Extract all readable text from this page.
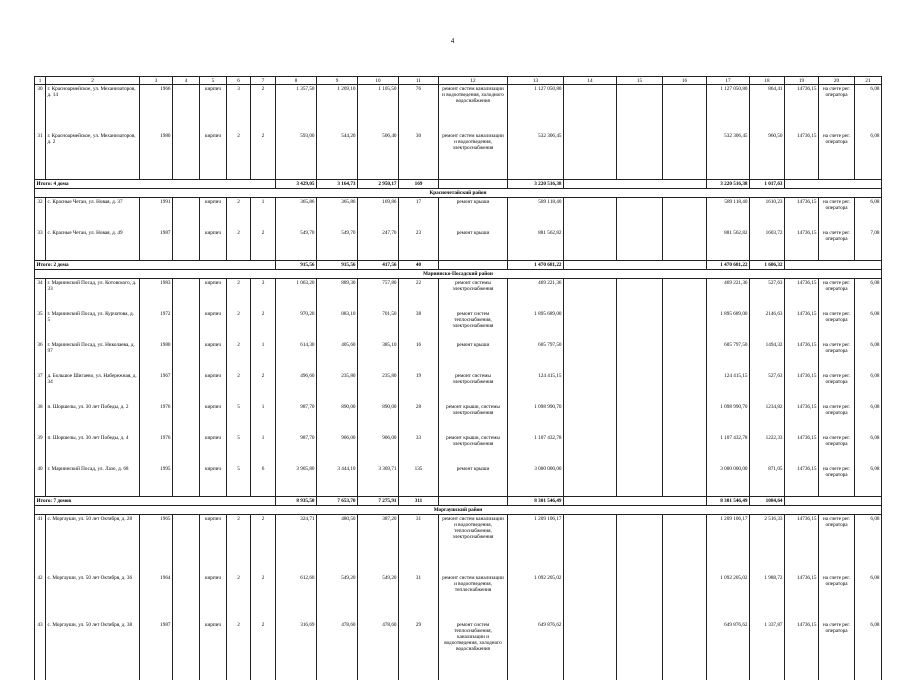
4
1	2	3	4	5	6	7	8	9	10	11	12	13	14	15	16	17	18	19	20	21
30	г. Красноармейское, ул. Механизаторов, д. 14	1966		кирпич	3	2	1 357,50	1 269,10	1 105,50	76	ремонт систем канализации и водоотведения, холодного водоснабжения	1 127 050,80				1 127 050,80	864,41	14736,15	на счете рег. оператора	6,08
31	г. Красноармейское, ул. Механизаторов, д. 2	1980		кирпич	2	2	593,00	544,20	506,40	30	ремонт систем канализации и водоотведения, электроснабжения	532 306,45				532 306,45	960,50	14736,15	на счете рег. оператора	6,08
Итого: 4 дома							3 429,05	3 164,73	2 950,17	169		3 220 516,38				3 220 516,38	1 017,63			
Красночетайский район																				
32	с. Красные Четаи, ул. Новая, д. 37	1991		кирпич	2	1	365,86	365,86	169,86	17	ремонт крыши	589 118,40				589 118,40	1610,23	14736,15	на счете рег. оператора	6,08
33	с. Красные Четаи, ул. Новая, д. 49	1987		кирпич	2	2	549,70	549,70	247,70	23	ремонт крыши	881 562,82				881 562,82	1603,72	14736,15	на счете рег. оператора	7,08
Итого: 2 дома							915,56	915,56	417,56	40		1 470 681,22				1 470 681,22	1 606,32			
Мариинско-Посадский район																				
34	г. Мариинский Посад, ул. Котовского, д. 33	1983		кирпич	2	3	1 063,20	889,30	757,80	22	ремонт системы электроснабжения	469 221,36				469 221,36	527,63	14736,15	на счете рег. оператора	6,08
35	г. Мариинский Посад, ул. Курчатова, д. 5	1972		кирпич	2	2	970,20	883,10	701,50	38	ремонт систем теплоснабжения, электроснабжения	1 895 689,00				1 895 689,00	2146,63	14736,15	на счете рег. оператора	6,08
36	г. Мариинский Посад, ул. Николаева, д. 97	1980		кирпич	2	1	614,30	405,60	385,10	16	ремонт крыши	605 797,50				605 797,50	1494,32	14736,15	на счете рег. оператора	6,08
37	д. Большое Шигаево, ул. Набережная, д. 34	1967		кирпич	2	2	496,60	235,80	235,80	19	ремонт системы электроснабжения	124 415,15				124 415,15	527,63	14736,15	на счете рег. оператора	6,08
38	п. Шоршелы, ул. 30 лет Победы, д. 2	1976		кирпич	5	1	987,70	890,00	890,00	28	ремонт крыши, системы электроснабжения	1 098 990,70				1 098 990,70	1234,82	14736,15	на счете рег. оператора	6,08
39	п. Шоршелы, ул. 30 лет Победы, д. 4	1976		кирпич	5	1	987,70	906,00	906,00	33	ремонт крыши, системы электроснабжения	1 107 432,78				1 107 432,78	1222,33	14736,15	на счете рег. оператора	6,08
40	г. Мариинский Посад, ул. Лазо, д. 68	1995		кирпич	5	6	3 905,80	3 444,10	3 369,71	135	ремонт крыши	3 000 000,00				3 000 000,00	871,05	14736,15	на счете рег. оператора	6,08
Итого: 7 домов							8 935,50	7 653,70	7 275,91	311		8 301 546,49				8 301 546,49	1084,64			
Моргаушский район																				
41	с. Моргауши, ул. 50 лет Октября, д. 28	1965		кирпич	2	2	324,71	480,50	387,20	31	ремонт систем канализации и водоотведения, теплоснабжения, электроснабжения	1 209 106,17				1 209 106,17	2 516,33	14736,15	на счете рег. оператора	6,08
42	с. Моргауши, ул. 50 лет Октября, д. 36	1964		кирпич	2	2	612,60	549,20	549,20	31	ремонт систем канализации и водоотведения, теплоснабжения	1 092 205,02				1 092 205,02	1 988,72	14736,15	на счете рег. оператора	6,08
43	с. Моргауши, ул. 50 лет Октября, д. 38	1987		кирпич	2	2	316,69	478,60	478,60	29	ремонт систем теплоснабжения, канализации и водоотведения, холодного водоснабжения	649 876,62				649 876,62	1 337,87	14736,15	на счете рег. оператора	6,08
